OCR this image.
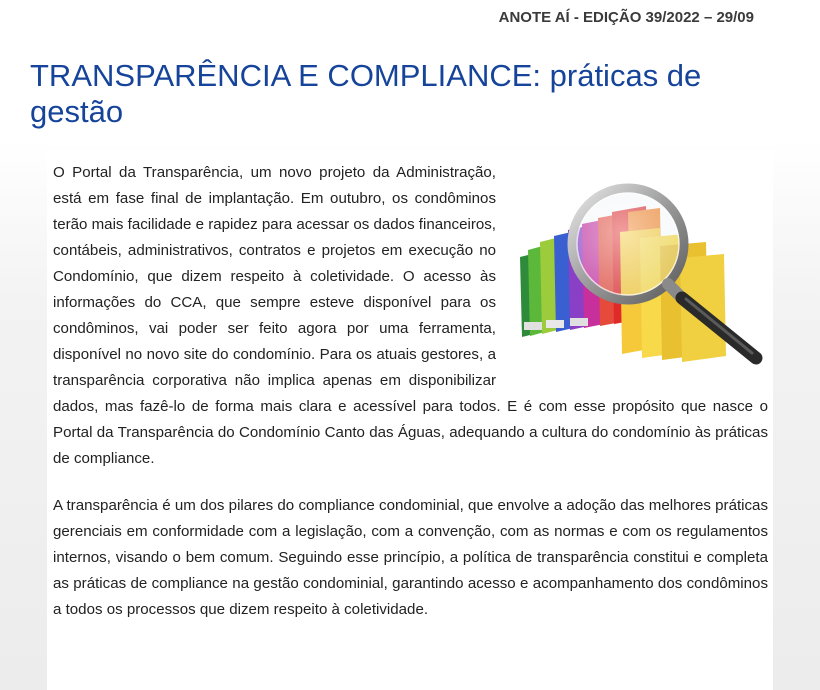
ANOTE AÍ - EDIÇÃO 39/2022 – 29/09
TRANSPARÊNCIA E COMPLIANCE: práticas de gestão

O Portal da Transparência, um novo projeto da Administração, está em fase final de implantação. Em outubro, os condôminos terão mais facilidade e rapidez para acessar os dados financeiros, contábeis, administrativos, contratos e projetos em execução no Condomínio, que dizem respeito à coletividade. O acesso às informações do CCA, que sempre esteve disponível para os condôminos, vai poder ser feito agora por uma ferramenta, disponível no novo site do condomínio. Para os atuais gestores, a transparência corporativa não implica apenas em disponibilizar dados, mas fazê-lo de forma mais clara e acessível para todos. E é com esse propósito que nasce o Portal da Transparência do Condomínio Canto das Águas, adequando a cultura do condomínio às práticas de compliance.

A transparência é um dos pilares do compliance condominial, que envolve a adoção das melhores práticas gerenciais em conformidade com a legislação, com a convenção, com as normas e com os regulamentos internos, visando o bem comum. Seguindo esse princípio, a política de transparência constitui e completa as práticas de compliance na gestão condominial, garantindo acesso e acompanhamento dos condôminos a todos os processos que dizem respeito à coletividade.
